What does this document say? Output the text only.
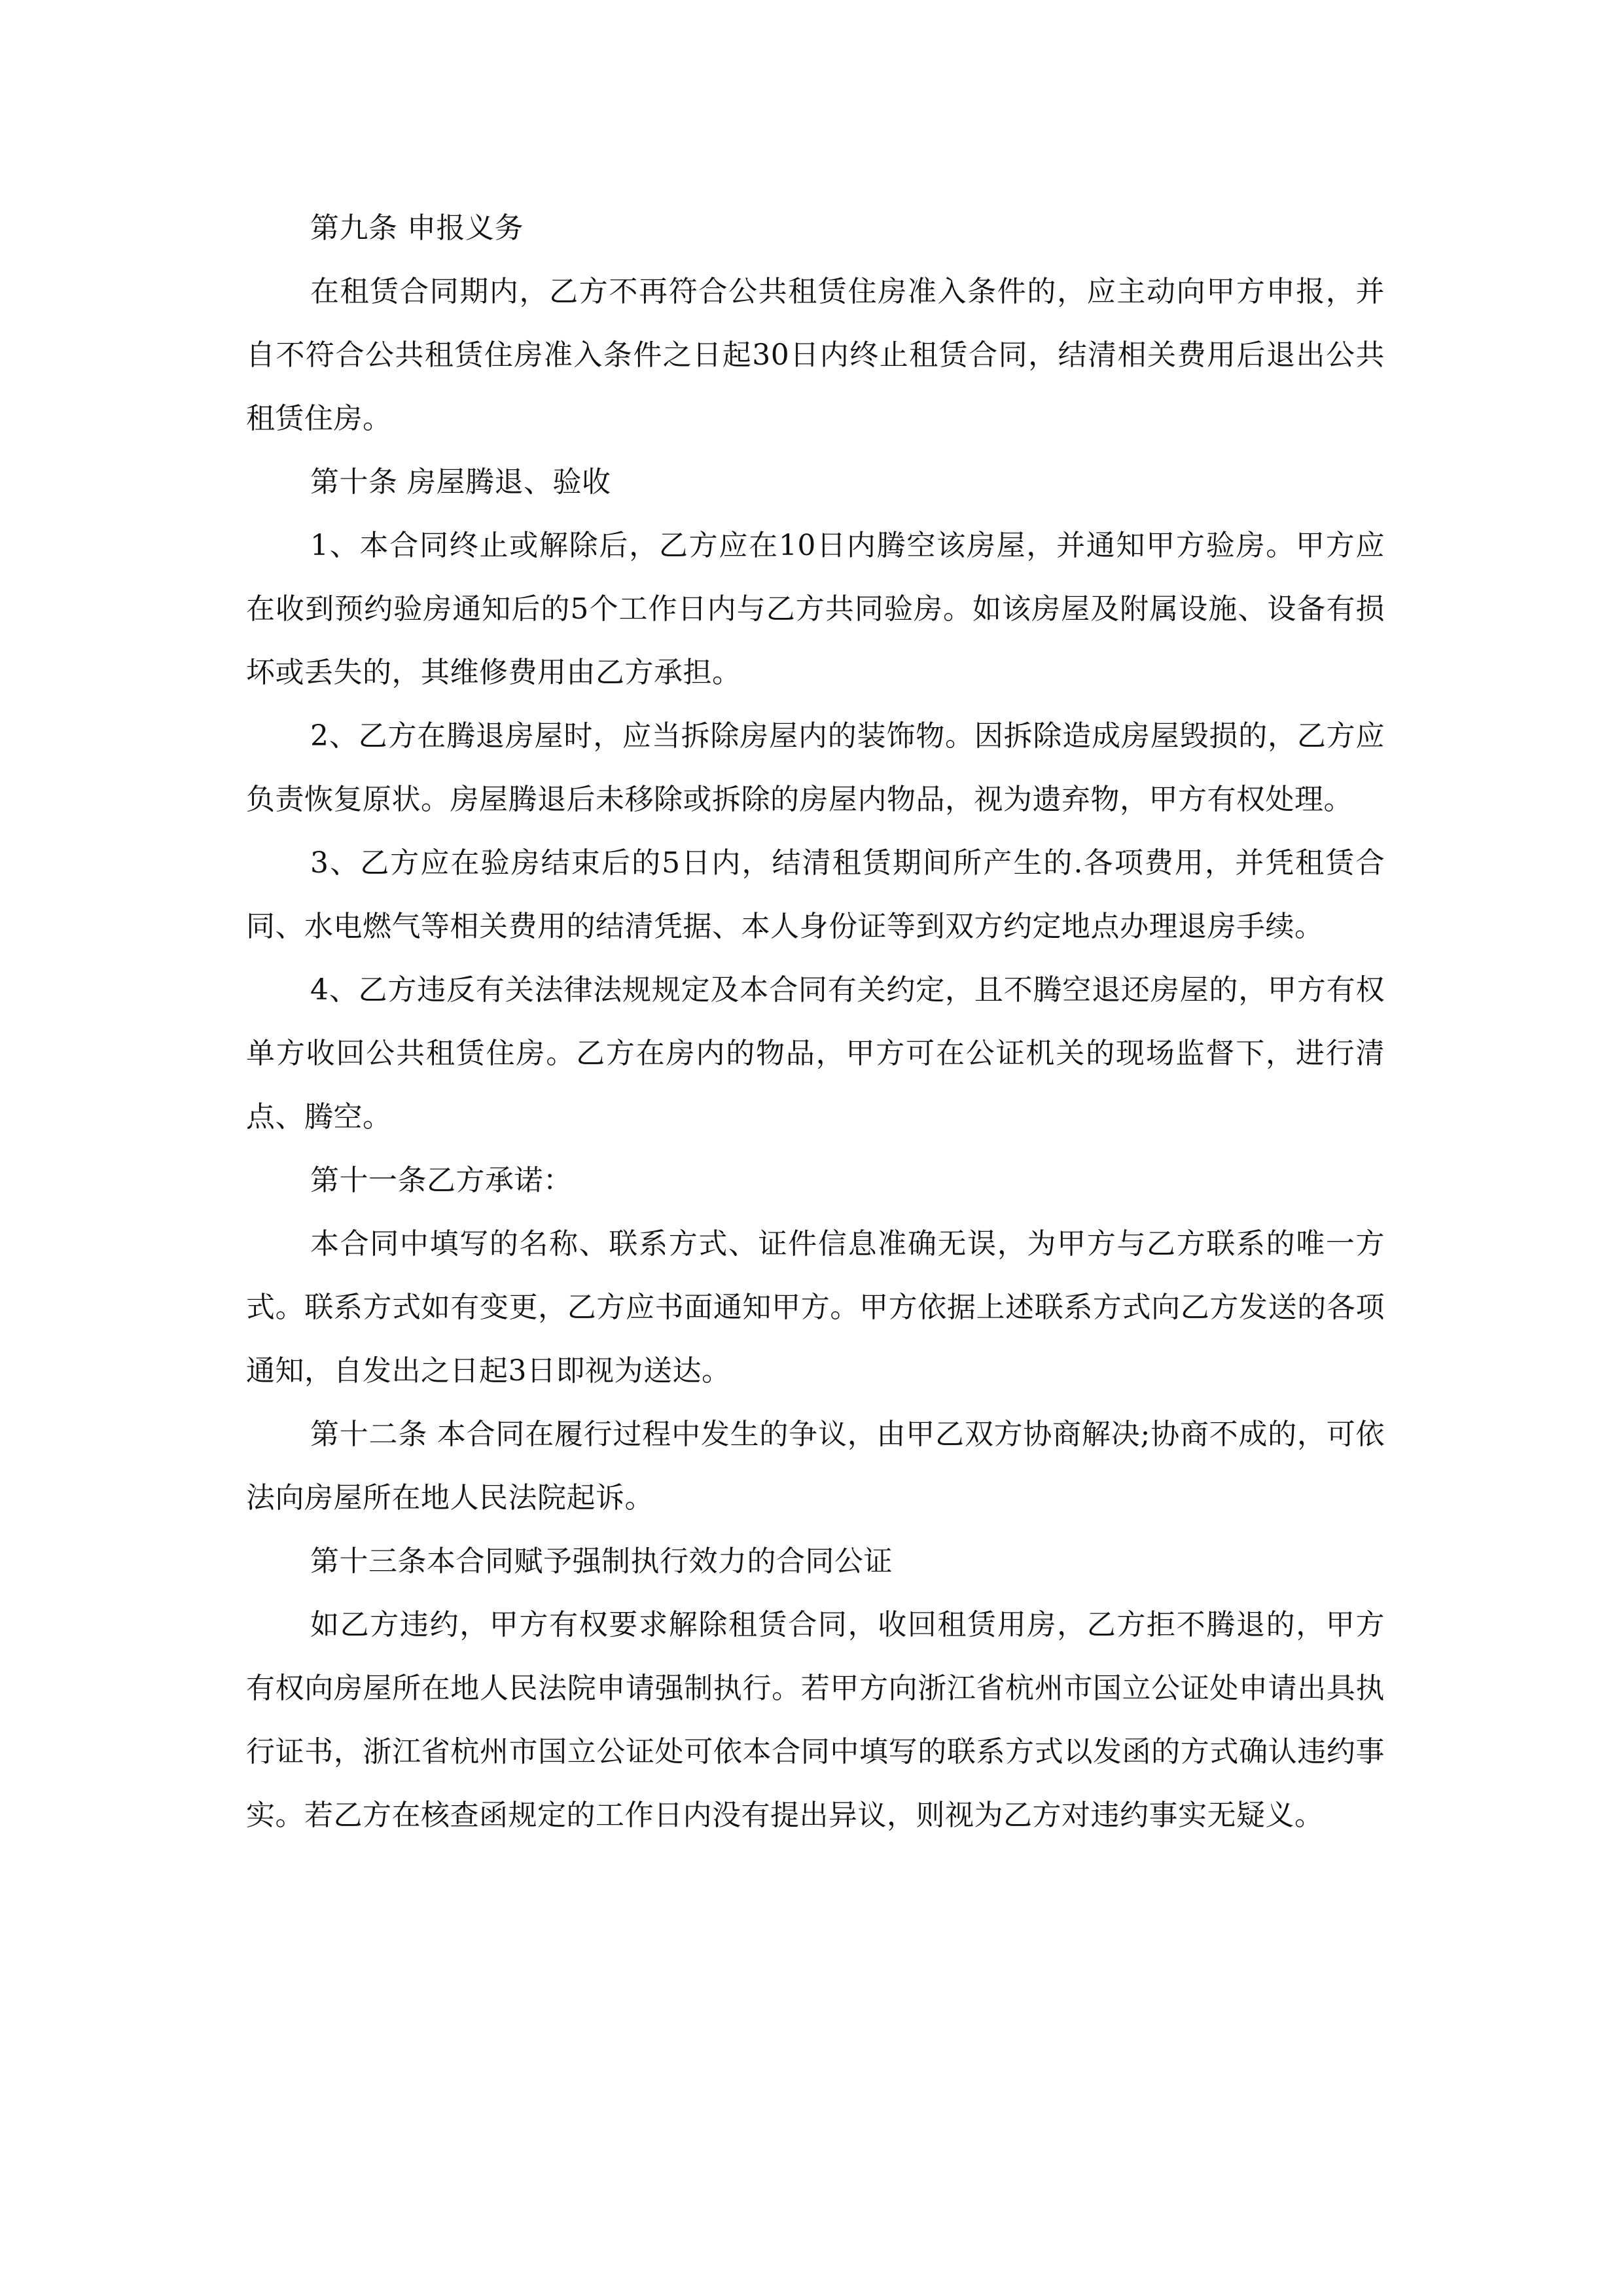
第九条 申报义务

在租赁合同期内，乙方不再符合公共租赁住房准入条件的，应主动向甲方申报，并自不符合公共租赁住房准入条件之日起30日内终止租赁合同，结清相关费用后退出公共租赁住房。

第十条 房屋腾退、验收

1、本合同终止或解除后，乙方应在10日内腾空该房屋，并通知甲方验房。甲方应在收到预约验房通知后的5个工作日内与乙方共同验房。如该房屋及附属设施、设备有损坏或丢失的，其维修费用由乙方承担。

2、乙方在腾退房屋时，应当拆除房屋内的装饰物。因拆除造成房屋毁损的，乙方应负责恢复原状。房屋腾退后未移除或拆除的房屋内物品，视为遗弃物，甲方有权处理。

3、乙方应在验房结束后的5日内，结清租赁期间所产生的.各项费用，并凭租赁合同、水电燃气等相关费用的结清凭据、本人身份证等到双方约定地点办理退房手续。

4、乙方违反有关法律法规规定及本合同有关约定，且不腾空退还房屋的，甲方有权单方收回公共租赁住房。乙方在房内的物品，甲方可在公证机关的现场监督下，进行清点、腾空。

第十一条乙方承诺：

本合同中填写的名称、联系方式、证件信息准确无误，为甲方与乙方联系的唯一方式。联系方式如有变更，乙方应书面通知甲方。甲方依据上述联系方式向乙方发送的各项通知，自发出之日起3日即视为送达。

第十二条 本合同在履行过程中发生的争议，由甲乙双方协商解决;协商不成的，可依法向房屋所在地人民法院起诉。

第十三条本合同赋予强制执行效力的合同公证

如乙方违约，甲方有权要求解除租赁合同，收回租赁用房，乙方拒不腾退的，甲方有权向房屋所在地人民法院申请强制执行。若甲方向浙江省杭州市国立公证处申请出具执行证书，浙江省杭州市国立公证处可依本合同中填写的联系方式以发函的方式确认违约事实。若乙方在核查函规定的工作日内没有提出异议，则视为乙方对违约事实无疑义。
